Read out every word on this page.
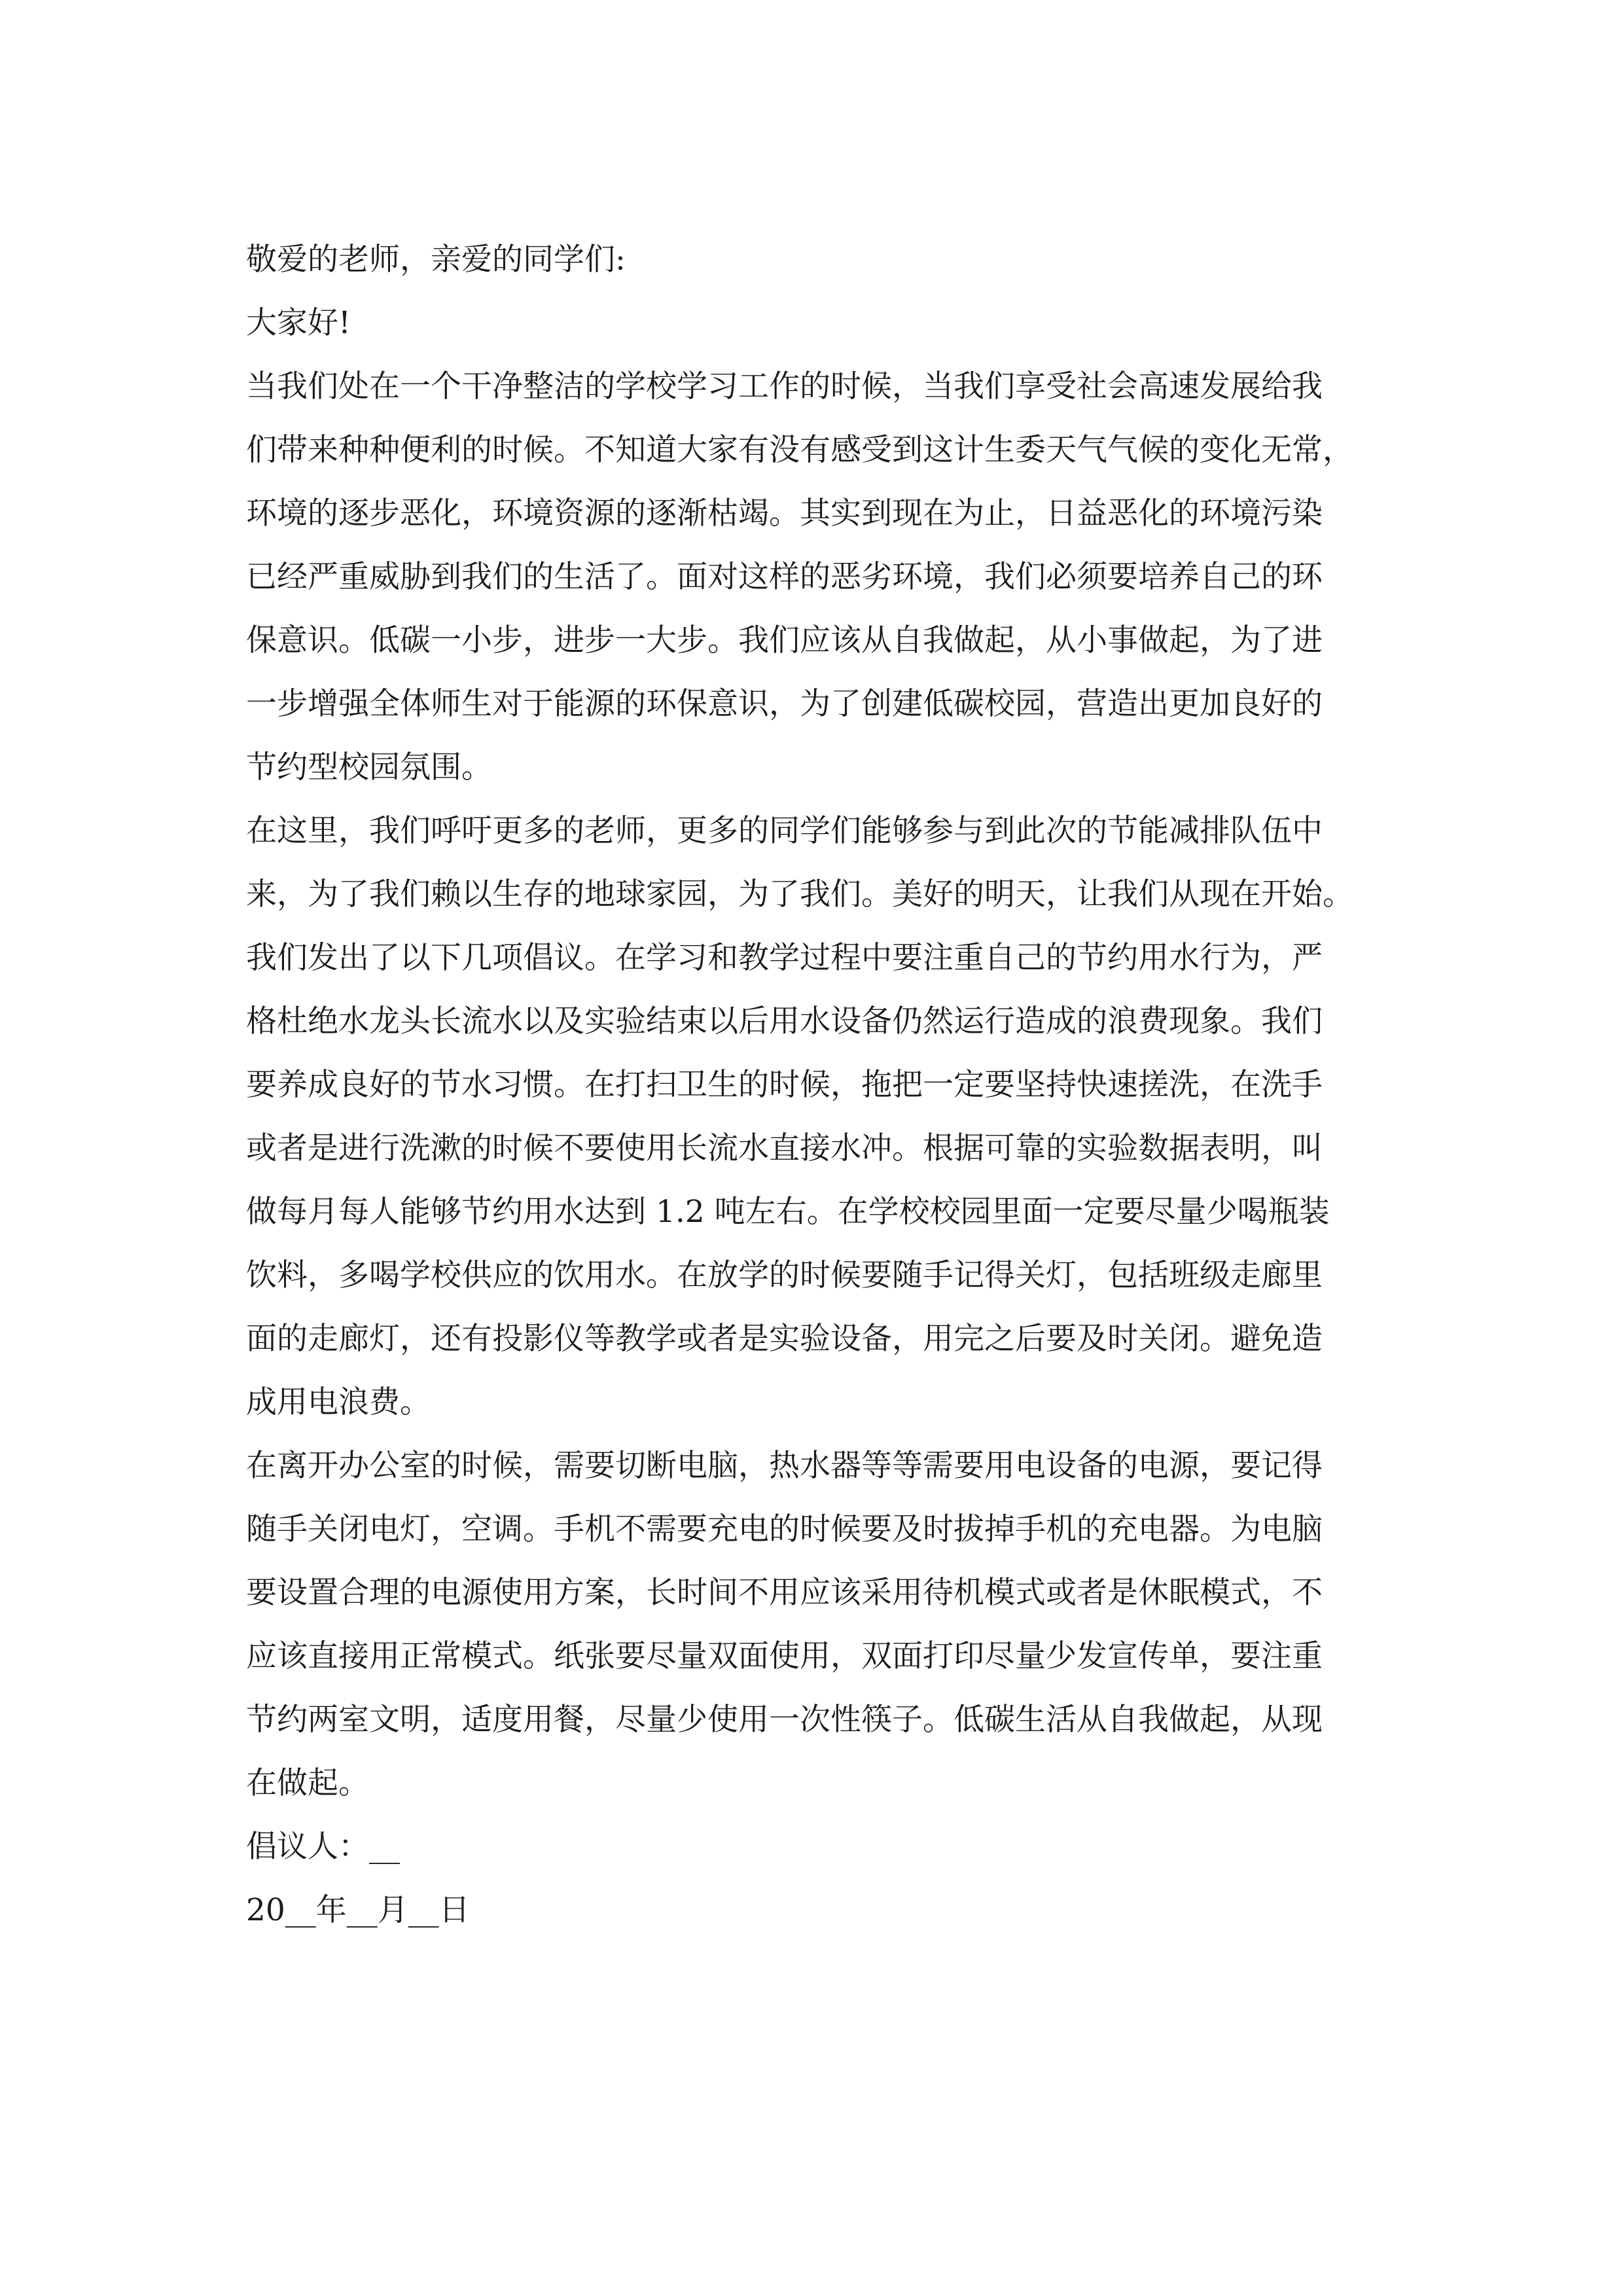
敬爱的老师，亲爱的同学们:

大家好!

当我们处在一个干净整洁的学校学习工作的时候，当我们享受社会高速发展给我

们带来种种便利的时候。不知道大家有没有感受到这计生委天气气候的变化无常，

环境的逐步恶化，环境资源的逐渐枯竭。其实到现在为止，日益恶化的环境污染

已经严重威胁到我们的生活了。面对这样的恶劣环境，我们必须要培养自己的环

保意识。低碳一小步，进步一大步。我们应该从自我做起，从小事做起，为了进

一步增强全体师生对于能源的环保意识，为了创建低碳校园，营造出更加良好的

节约型校园氛围。

在这里，我们呼吁更多的老师，更多的同学们能够参与到此次的节能减排队伍中

来，为了我们赖以生存的地球家园，为了我们。美好的明天，让我们从现在开始。

我们发出了以下几项倡议。在学习和教学过程中要注重自己的节约用水行为，严

格杜绝水龙头长流水以及实验结束以后用水设备仍然运行造成的浪费现象。我们

要养成良好的节水习惯。在打扫卫生的时候，拖把一定要坚持快速搓洗，在洗手

或者是进行洗漱的时候不要使用长流水直接水冲。根据可靠的实验数据表明，叫

做每月每人能够节约用水达到 1.2 吨左右。在学校校园里面一定要尽量少喝瓶装

饮料，多喝学校供应的饮用水。在放学的时候要随手记得关灯，包括班级走廊里

面的走廊灯，还有投影仪等教学或者是实验设备，用完之后要及时关闭。避免造

成用电浪费。

在离开办公室的时候，需要切断电脑，热水器等等需要用电设备的电源，要记得

随手关闭电灯，空调。手机不需要充电的时候要及时拔掉手机的充电器。为电脑

要设置合理的电源使用方案，长时间不用应该采用待机模式或者是休眠模式，不

应该直接用正常模式。纸张要尽量双面使用，双面打印尽量少发宣传单，要注重

节约两室文明，适度用餐，尽量少使用一次性筷子。低碳生活从自我做起，从现

在做起。

倡议人：__

20__年__月__日
